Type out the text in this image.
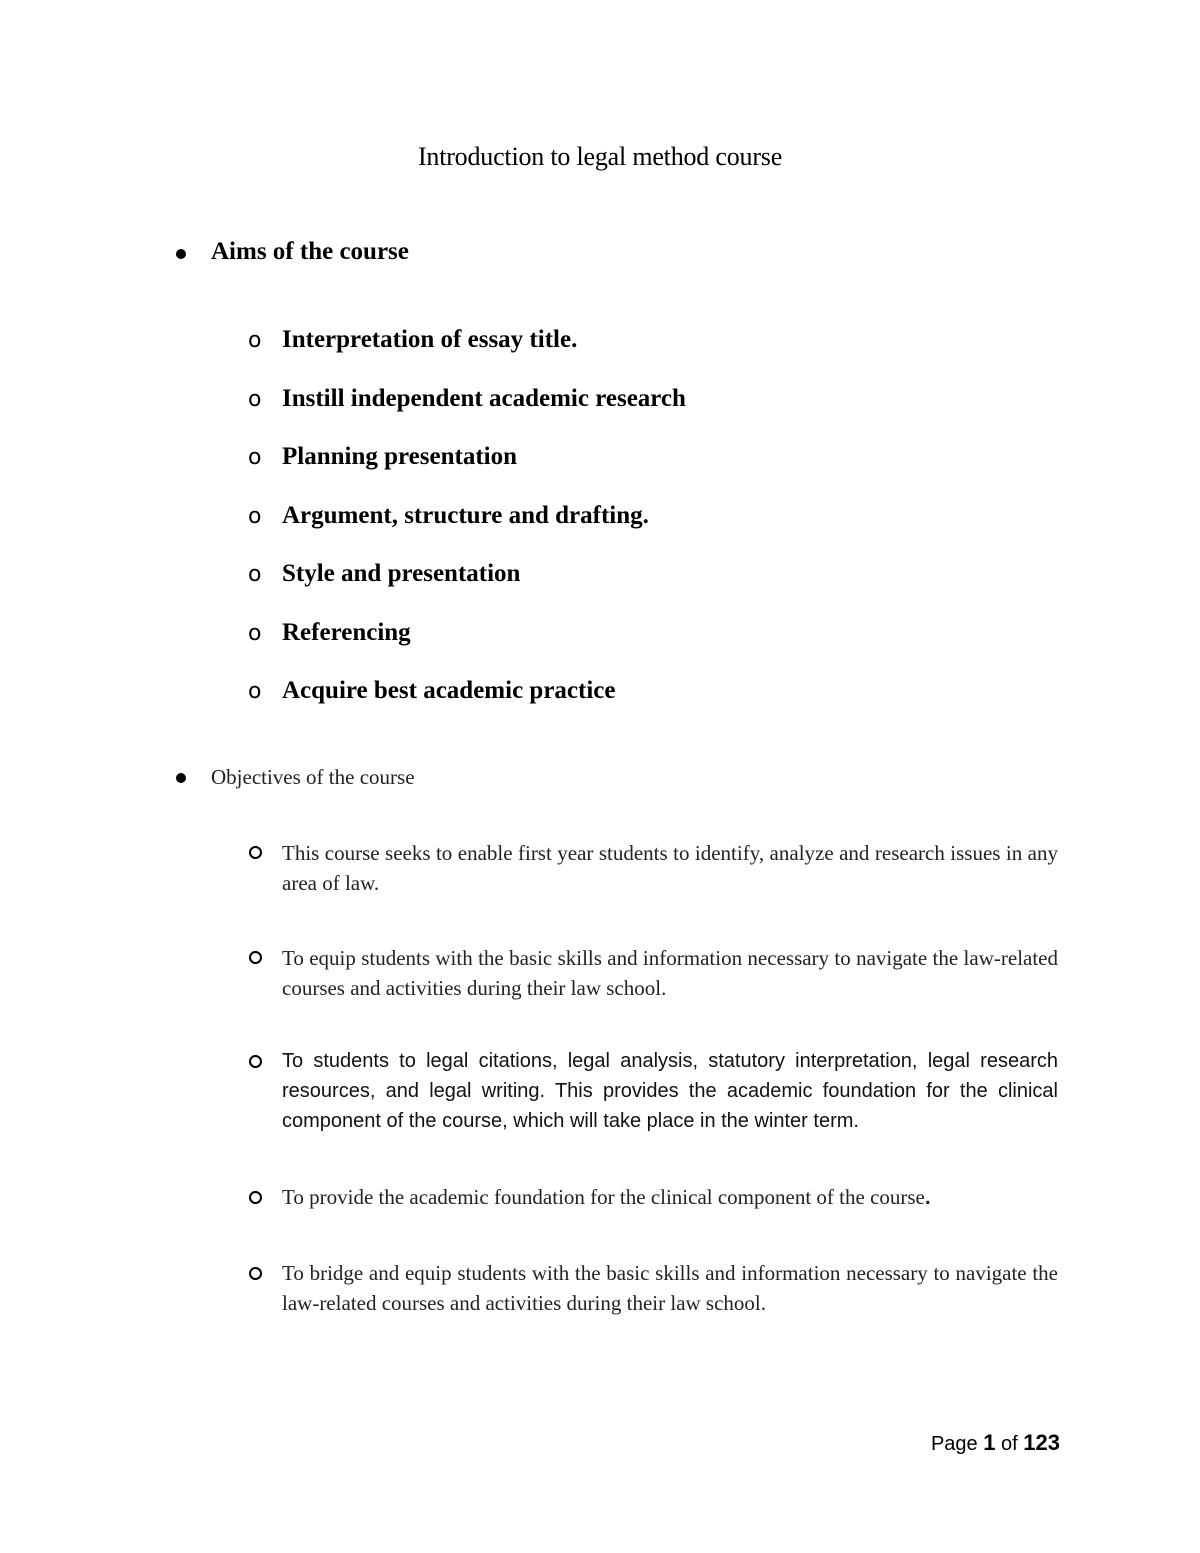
Introduction to legal method course
Aims of the course
o Interpretation of essay title.
o Instill independent academic research
o Planning presentation
o Argument, structure and drafting.
o Style and presentation
o Referencing
o Acquire best academic practice
Objectives of the course
This course seeks to enable first year students to identify, analyze and research issues in any area of law.
To equip students with the basic skills and information necessary to navigate the law-related courses and activities during their law school.
To students to legal citations, legal analysis, statutory interpretation, legal research resources, and legal writing. This provides the academic foundation for the clinical component of the course, which will take place in the winter term.
To provide the academic foundation for the clinical component of the course.
To bridge and equip students with the basic skills and information necessary to navigate the law-related courses and activities during their law school.
Page 1 of 123
